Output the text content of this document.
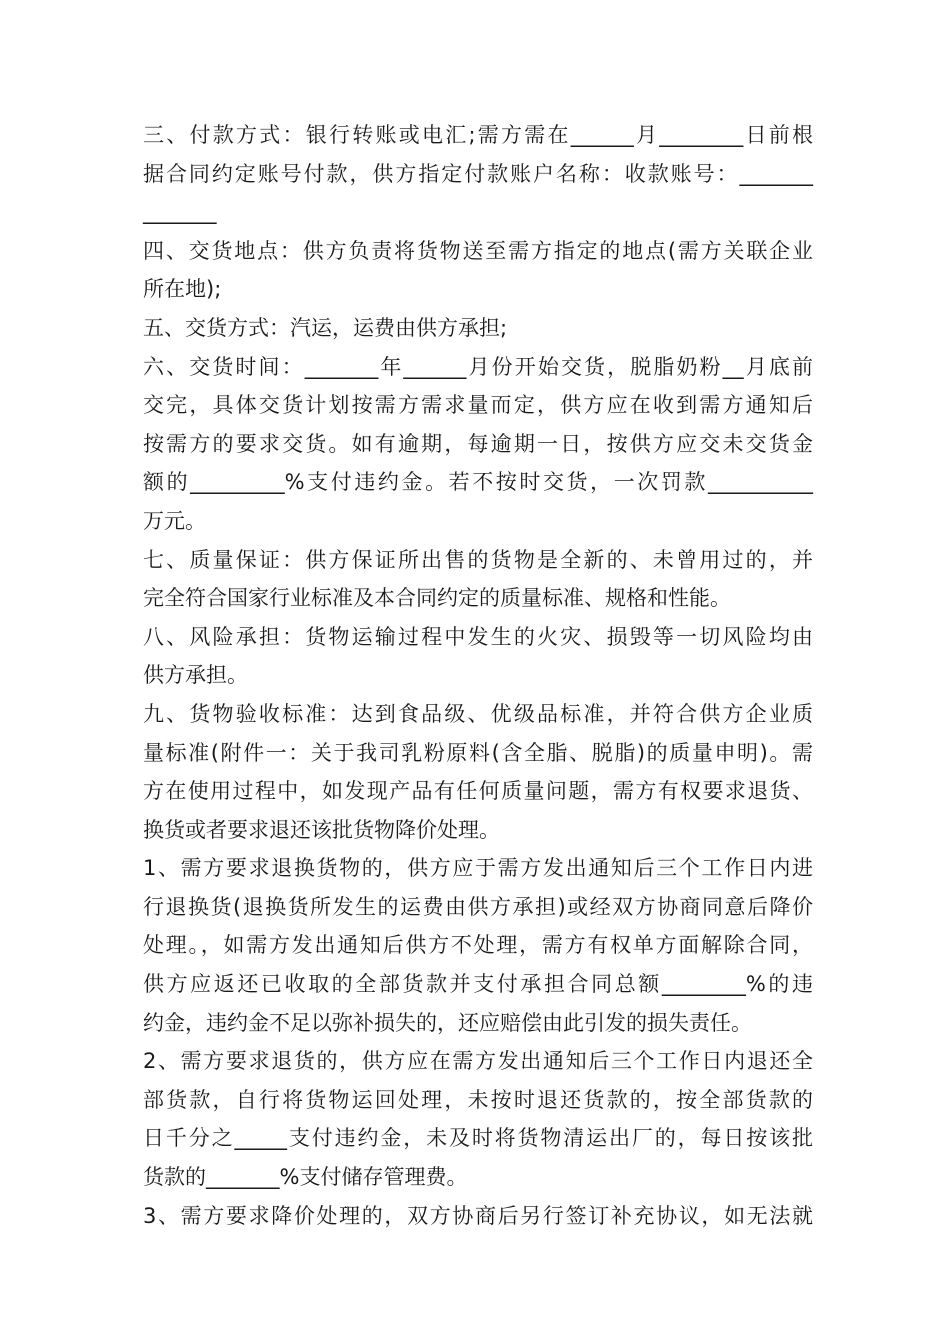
三、付款方式：银行转账或电汇;需方需在______月________日前根
据合同约定账号付款，供方指定付款账户名称：收款账号：_______
_______
四、交货地点：供方负责将货物送至需方指定的地点(需方关联企业
所在地);
五、交货方式：汽运，运费由供方承担;
六、交货时间：_______年______月份开始交货，脱脂奶粉__月底前
交完，具体交货计划按需方需求量而定，供方应在收到需方通知后
按需方的要求交货。如有逾期，每逾期一日，按供方应交未交货金
额的_________%支付违约金。若不按时交货，一次罚款__________
万元。
七、质量保证：供方保证所出售的货物是全新的、未曾用过的，并
完全符合国家行业标准及本合同约定的质量标准、规格和性能。
八、风险承担：货物运输过程中发生的火灾、损毁等一切风险均由
供方承担。
九、货物验收标准：达到食品级、优级品标准，并符合供方企业质
量标准(附件一：关于我司乳粉原料(含全脂、脱脂)的质量申明)。需
方在使用过程中，如发现产品有任何质量问题，需方有权要求退货、
换货或者要求退还该批货物降价处理。
1、需方要求退换货物的，供方应于需方发出通知后三个工作日内进
行退换货(退换货所发生的运费由供方承担)或经双方协商同意后降价
处理。，如需方发出通知后供方不处理，需方有权单方面解除合同，
供方应返还已收取的全部货款并支付承担合同总额________%的违
约金，违约金不足以弥补损失的，还应赔偿由此引发的损失责任。
2、需方要求退货的，供方应在需方发出通知后三个工作日内退还全
部货款，自行将货物运回处理，未按时退还货款的，按全部货款的
日千分之_____支付违约金，未及时将货物清运出厂的，每日按该批
货款的_______%支付储存管理费。
3、需方要求降价处理的，双方协商后另行签订补充协议，如无法就
